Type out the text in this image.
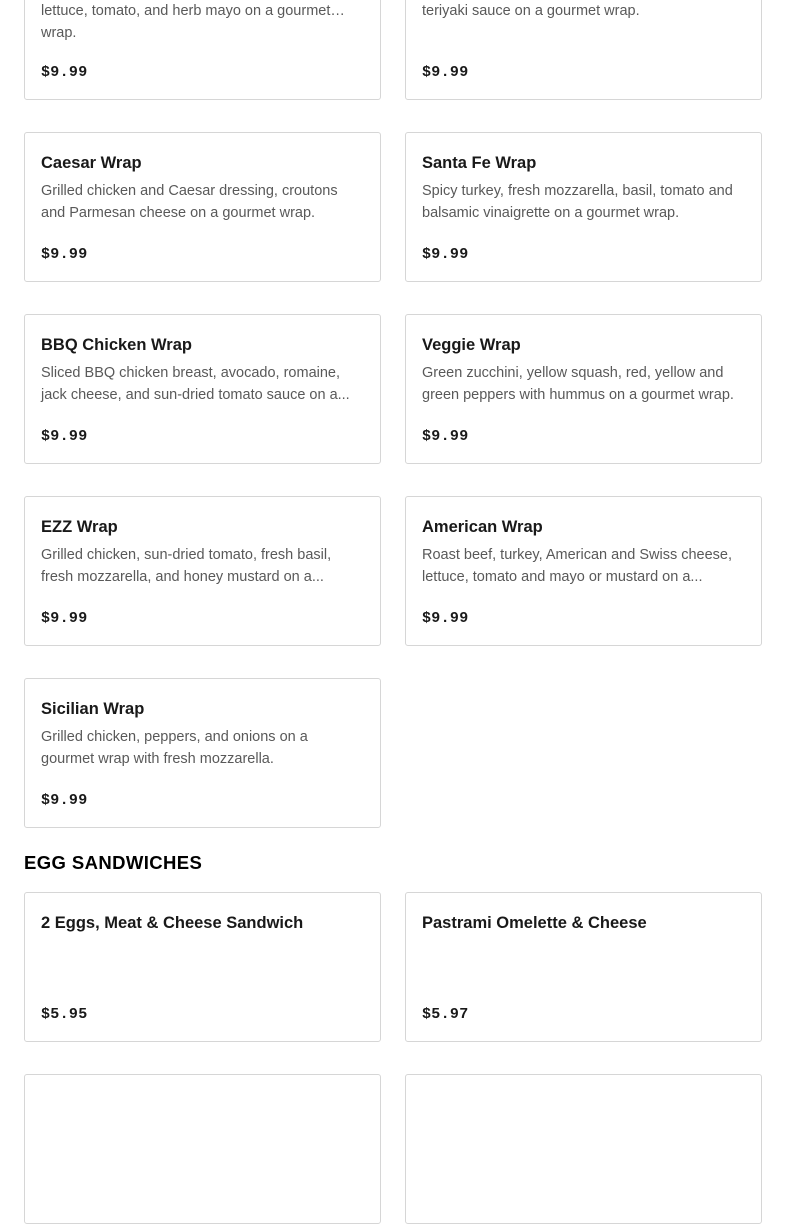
lettuce, tomato, and herb mayo on a gourmet wrap.
$9.99
teriyaki sauce on a gourmet wrap.
$9.99
Caesar Wrap
Grilled chicken and Caesar dressing, croutons and Parmesan cheese on a gourmet wrap.
$9.99
Santa Fe Wrap
Spicy turkey, fresh mozzarella, basil, tomato and balsamic vinaigrette on a gourmet wrap.
$9.99
BBQ Chicken Wrap
Sliced BBQ chicken breast, avocado, romaine, jack cheese, and sun-dried tomato sauce on a...
$9.99
Veggie Wrap
Green zucchini, yellow squash, red, yellow and green peppers with hummus on a gourmet wrap.
$9.99
EZZ Wrap
Grilled chicken, sun-dried tomato, fresh basil, fresh mozzarella, and honey mustard on a...
$9.99
American Wrap
Roast beef, turkey, American and Swiss cheese, lettuce, tomato and mayo or mustard on a...
$9.99
Sicilian Wrap
Grilled chicken, peppers, and onions on a gourmet wrap with fresh mozzarella.
$9.99
EGG SANDWICHES
2 Eggs, Meat & Cheese Sandwich
$5.95
Pastrami Omelette & Cheese
$5.97
